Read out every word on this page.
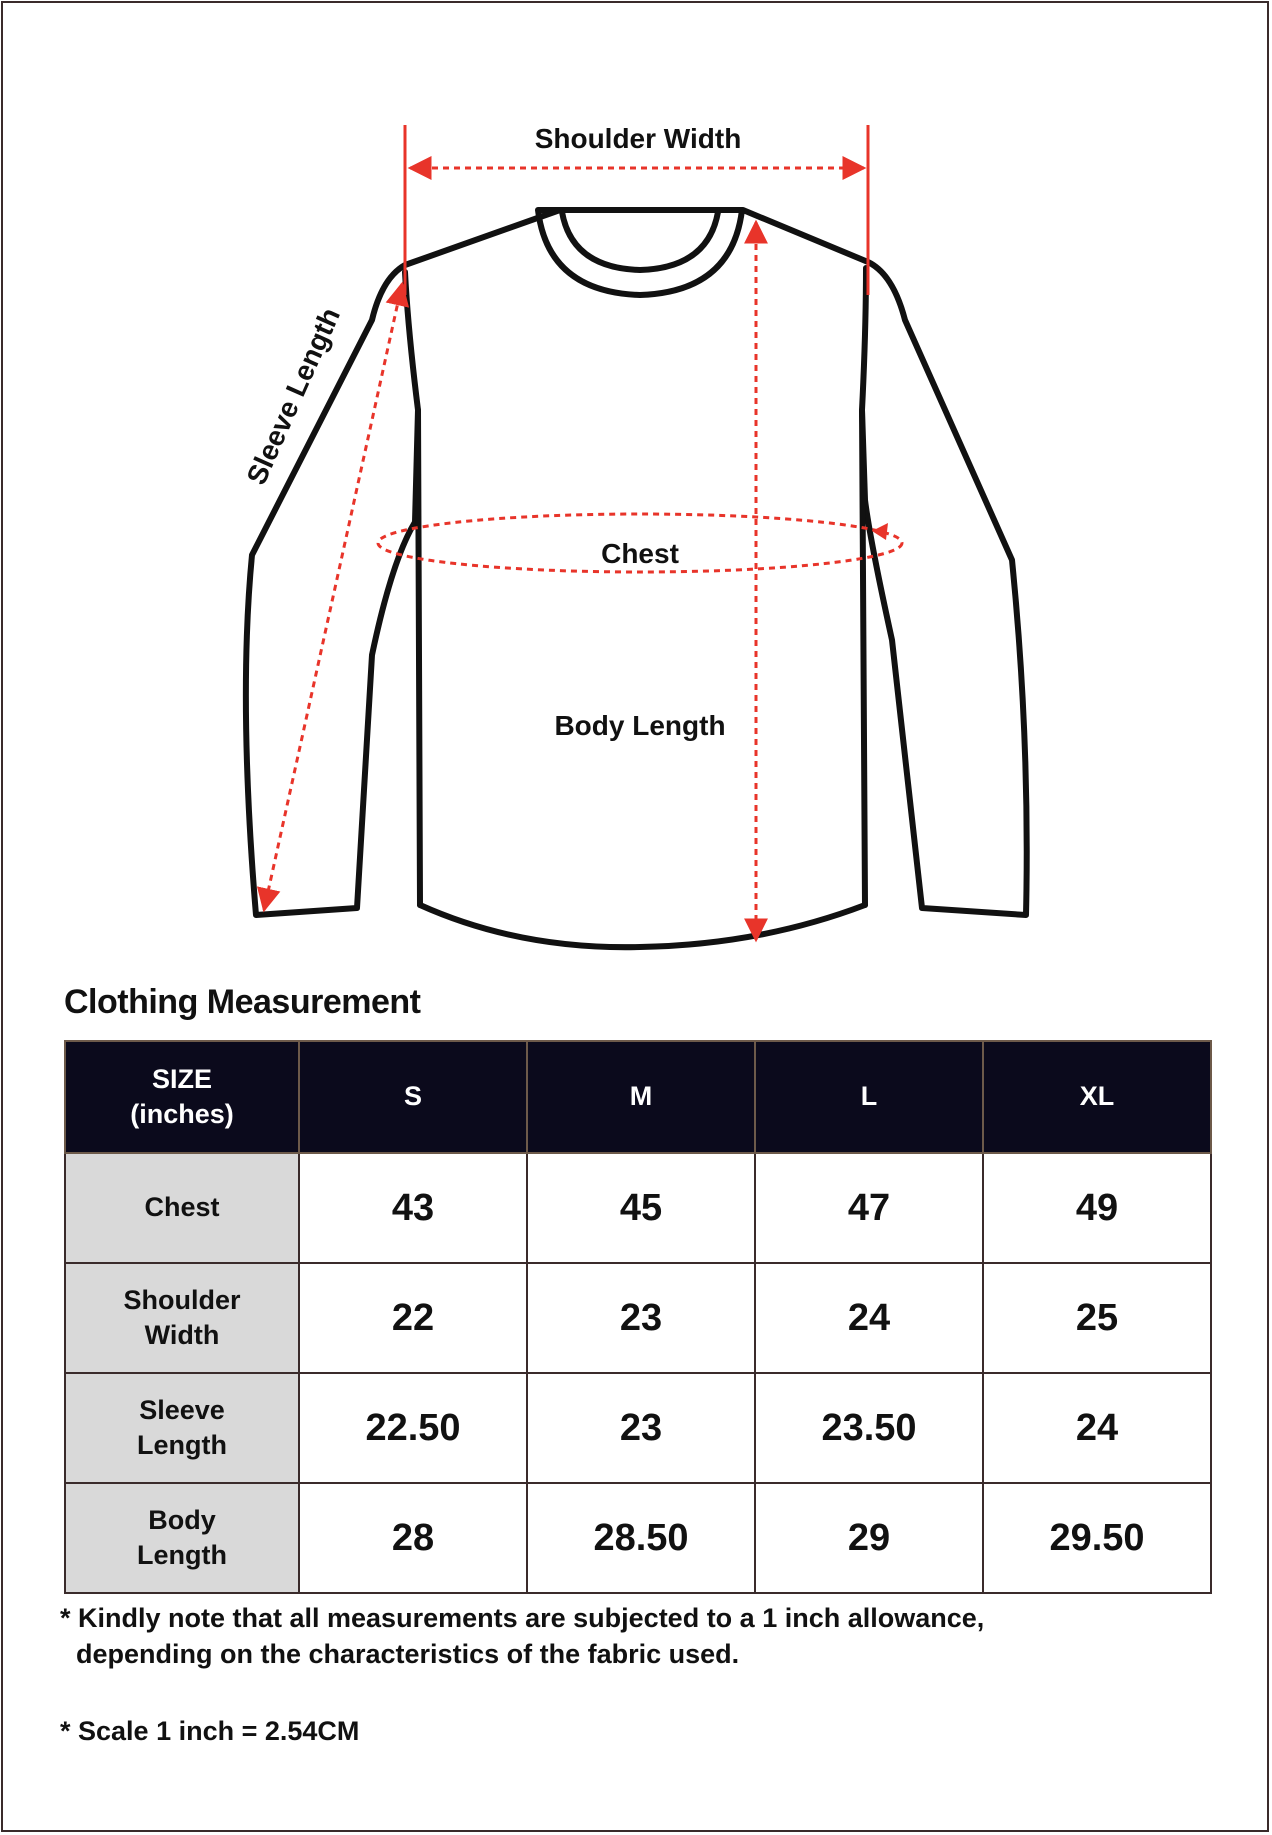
Shoulder Width
Sleeve Length
Chest
Body Length
Clothing Measurement
SIZE
(inches)	S	M	L	XL
Chest	43	45	47	49
Shoulder
Width	22	23	24	25
Sleeve
Length	22.50	23	23.50	24
Body
Length	28	28.50	29	29.50

* Kindly note that all measurements are subjected to a 1 inch allowance,
depending on the characteristics of the fabric used.

* Scale 1 inch = 2.54CM
